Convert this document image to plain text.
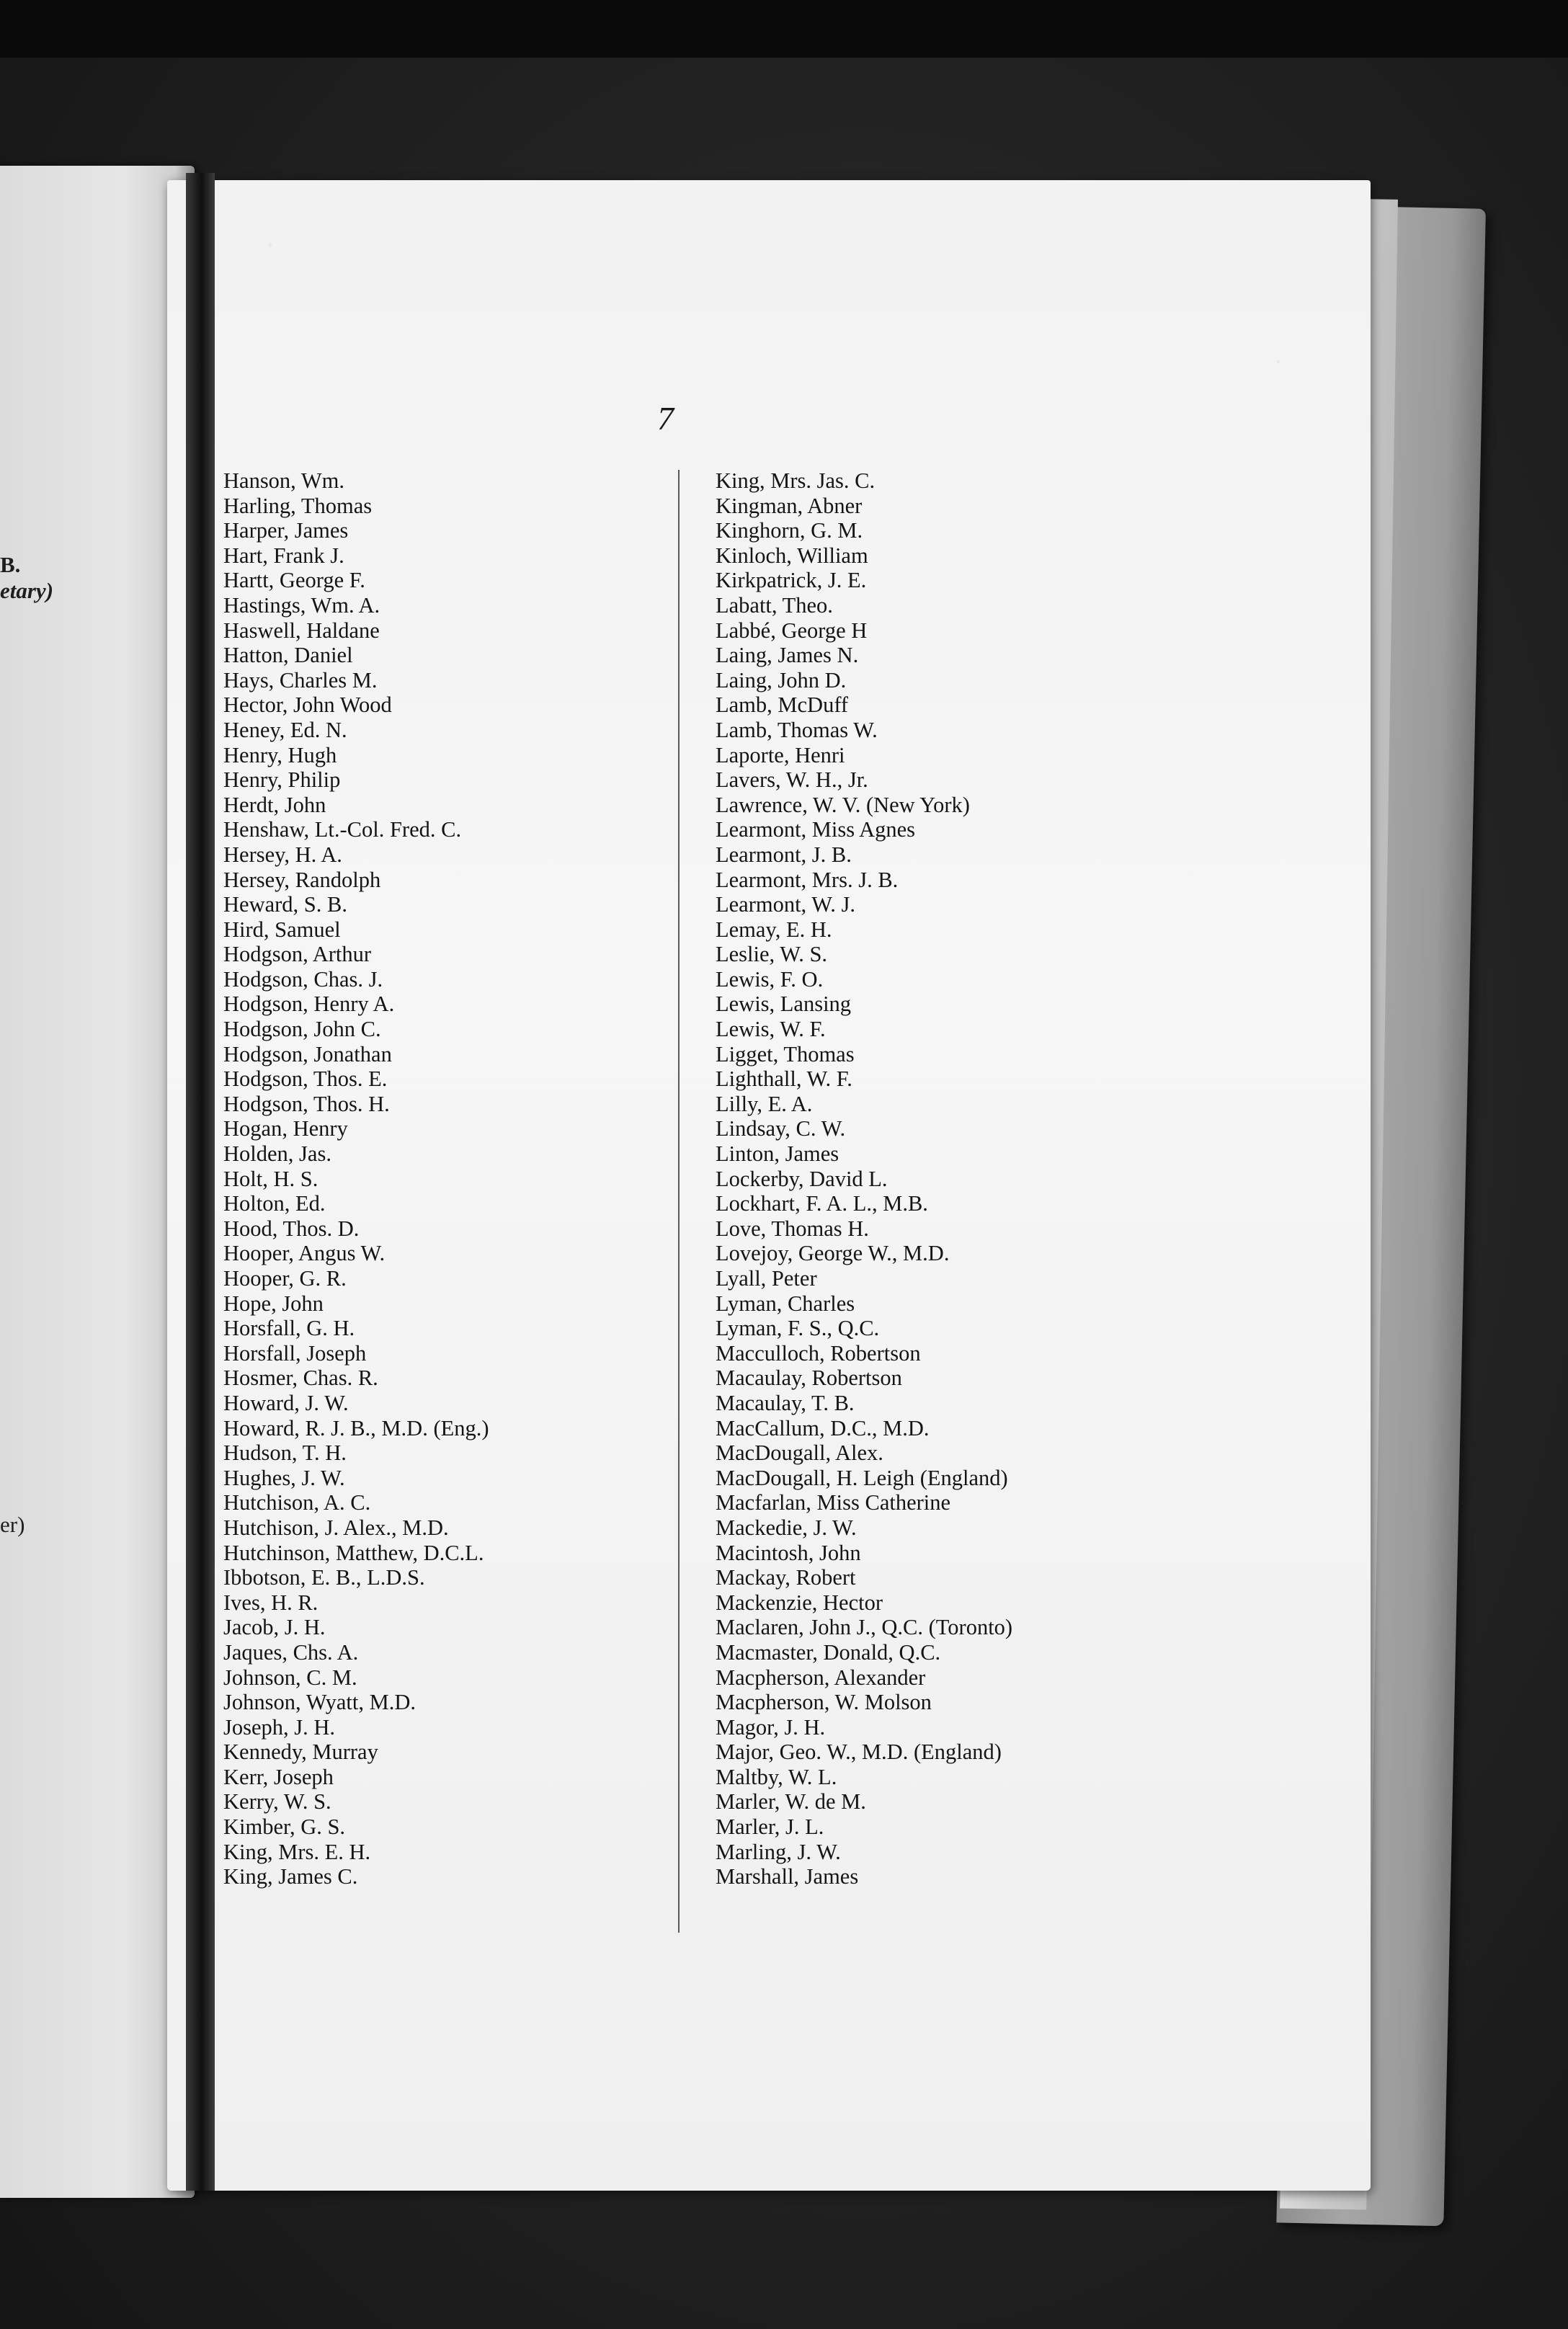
B.
etary)
er)
7
Hanson, Wm.
Harling, Thomas
Harper, James
Hart, Frank J.
Hartt, George F.
Hastings, Wm. A.
Haswell, Haldane
Hatton, Daniel
Hays, Charles M.
Hector, John Wood
Heney, Ed. N.
Henry, Hugh
Henry, Philip
Herdt, John
Henshaw, Lt.-Col. Fred. C.
Hersey, H. A.
Hersey, Randolph
Heward, S. B.
Hird, Samuel
Hodgson, Arthur
Hodgson, Chas. J.
Hodgson, Henry A.
Hodgson, John C.
Hodgson, Jonathan
Hodgson, Thos. E.
Hodgson, Thos. H.
Hogan, Henry
Holden, Jas.
Holt, H. S.
Holton, Ed.
Hood, Thos. D.
Hooper, Angus W.
Hooper, G. R.
Hope, John
Horsfall, G. H.
Horsfall, Joseph
Hosmer, Chas. R.
Howard, J. W.
Howard, R. J. B., M.D. (Eng.)
Hudson, T. H.
Hughes, J. W.
Hutchison, A. C.
Hutchison, J. Alex., M.D.
Hutchinson, Matthew, D.C.L.
Ibbotson, E. B., L.D.S.
Ives, H. R.
Jacob, J. H.
Jaques, Chs. A.
Johnson, C. M.
Johnson, Wyatt, M.D.
Joseph, J. H.
Kennedy, Murray
Kerr, Joseph
Kerry, W. S.
Kimber, G. S.
King, Mrs. E. H.
King, James C.
King, Mrs. Jas. C.
Kingman, Abner
Kinghorn, G. M.
Kinloch, William
Kirkpatrick, J. E.
Labatt, Theo.
Labbé, George H
Laing, James N.
Laing, John D.
Lamb, McDuff
Lamb, Thomas W.
Laporte, Henri
Lavers, W. H., Jr.
Lawrence, W. V. (New York)
Learmont, Miss Agnes
Learmont, J. B.
Learmont, Mrs. J. B.
Learmont, W. J.
Lemay, E. H.
Leslie, W. S.
Lewis, F. O.
Lewis, Lansing
Lewis, W. F.
Ligget, Thomas
Lighthall, W. F.
Lilly, E. A.
Lindsay, C. W.
Linton, James
Lockerby, David L.
Lockhart, F. A. L., M.B.
Love, Thomas H.
Lovejoy, George W., M.D.
Lyall, Peter
Lyman, Charles
Lyman, F. S., Q.C.
Macculloch, Robertson
Macaulay, Robertson
Macaulay, T. B.
MacCallum, D.C., M.D.
MacDougall, Alex.
MacDougall, H. Leigh (England)
Macfarlan, Miss Catherine
Mackedie, J. W.
Macintosh, John
Mackay, Robert
Mackenzie, Hector
Maclaren, John J., Q.C. (Toronto)
Macmaster, Donald, Q.C.
Macpherson, Alexander
Macpherson, W. Molson
Magor, J. H.
Major, Geo. W., M.D. (England)
Maltby, W. L.
Marler, W. de M.
Marler, J. L.
Marling, J. W.
Marshall, James
